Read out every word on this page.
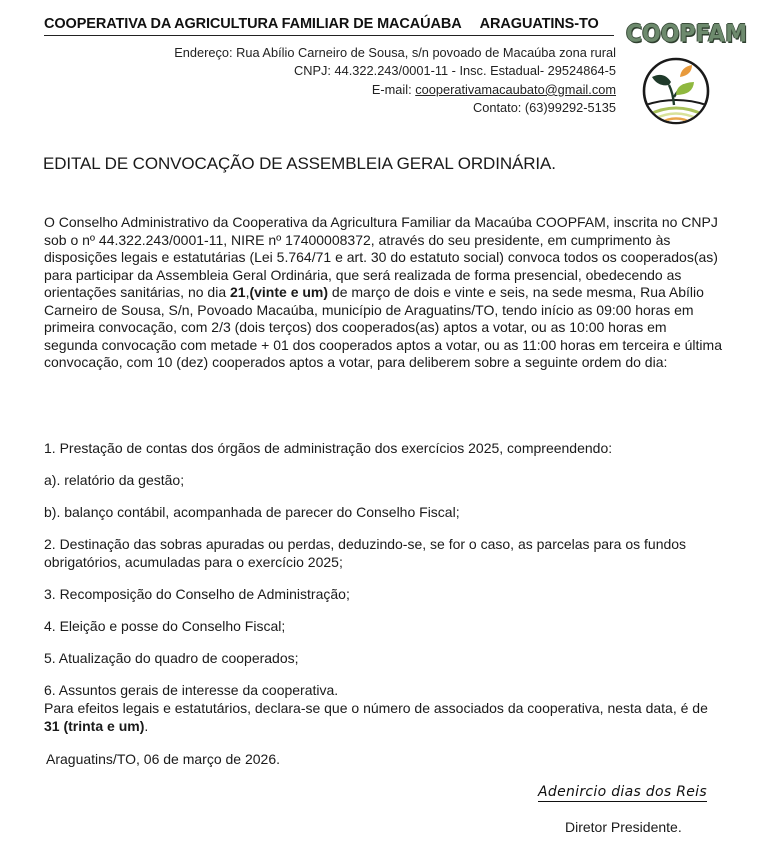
COOPERATIVA DA AGRICULTURA FAMILIAR DE MACAÚABA ARAGUATINS-TO
Endereço: Rua Abílio Carneiro de Sousa, s/n povoado de Macaúba zona rural
CNPJ: 44.322.243/0001-11 - Insc. Estadual- 29524864-5
E-mail: cooperativamacaubato@gmail.com
Contato: (63)99292-5135
COOPFAM
EDITAL DE CONVOCAÇÃO DE ASSEMBLEIA GERAL ORDINÁRIA.
O Conselho Administrativo da Cooperativa da Agricultura Familiar da Macaúba COOPFAM, inscrita no CNPJ sob o nº 44.322.243/0001-11, NIRE nº 17400008372, através do seu presidente, em cumprimento às disposições legais e estatutárias (Lei 5.764/71 e art. 30 do estatuto social) convoca todos os cooperados(as) para participar da Assembleia Geral Ordinária, que será realizada de forma presencial, obedecendo as orientações sanitárias, no dia 21,(vinte e um) de março de dois e vinte e seis, na sede mesma, Rua Abílio Carneiro de Sousa, S/n, Povoado Macaúba, município de Araguatins/TO, tendo início as 09:00 horas em primeira convocação, com 2/3 (dois terços) dos cooperados(as) aptos a votar, ou as 10:00 horas em segunda convocação com metade + 01 dos cooperados aptos a votar, ou as 11:00 horas em terceira e última convocação, com 10 (dez) cooperados aptos a votar, para deliberem sobre a seguinte ordem do dia:
1. Prestação de contas dos órgãos de administração dos exercícios 2025, compreendendo:
a). relatório da gestão;
b). balanço contábil, acompanhada de parecer do Conselho Fiscal;
2. Destinação das sobras apuradas ou perdas, deduzindo-se, se for o caso, as parcelas para os fundos obrigatórios, acumuladas para o exercício 2025;
3. Recomposição do Conselho de Administração;
4. Eleição e posse do Conselho Fiscal;
5. Atualização do quadro de cooperados;
6. Assuntos gerais de interesse da cooperativa.
Para efeitos legais e estatutários, declara-se que o número de associados da cooperativa, nesta data, é de 31 (trinta e um).
Araguatins/TO, 06 de março de 2026.
Adenircio dias dos Reis
Diretor Presidente.
